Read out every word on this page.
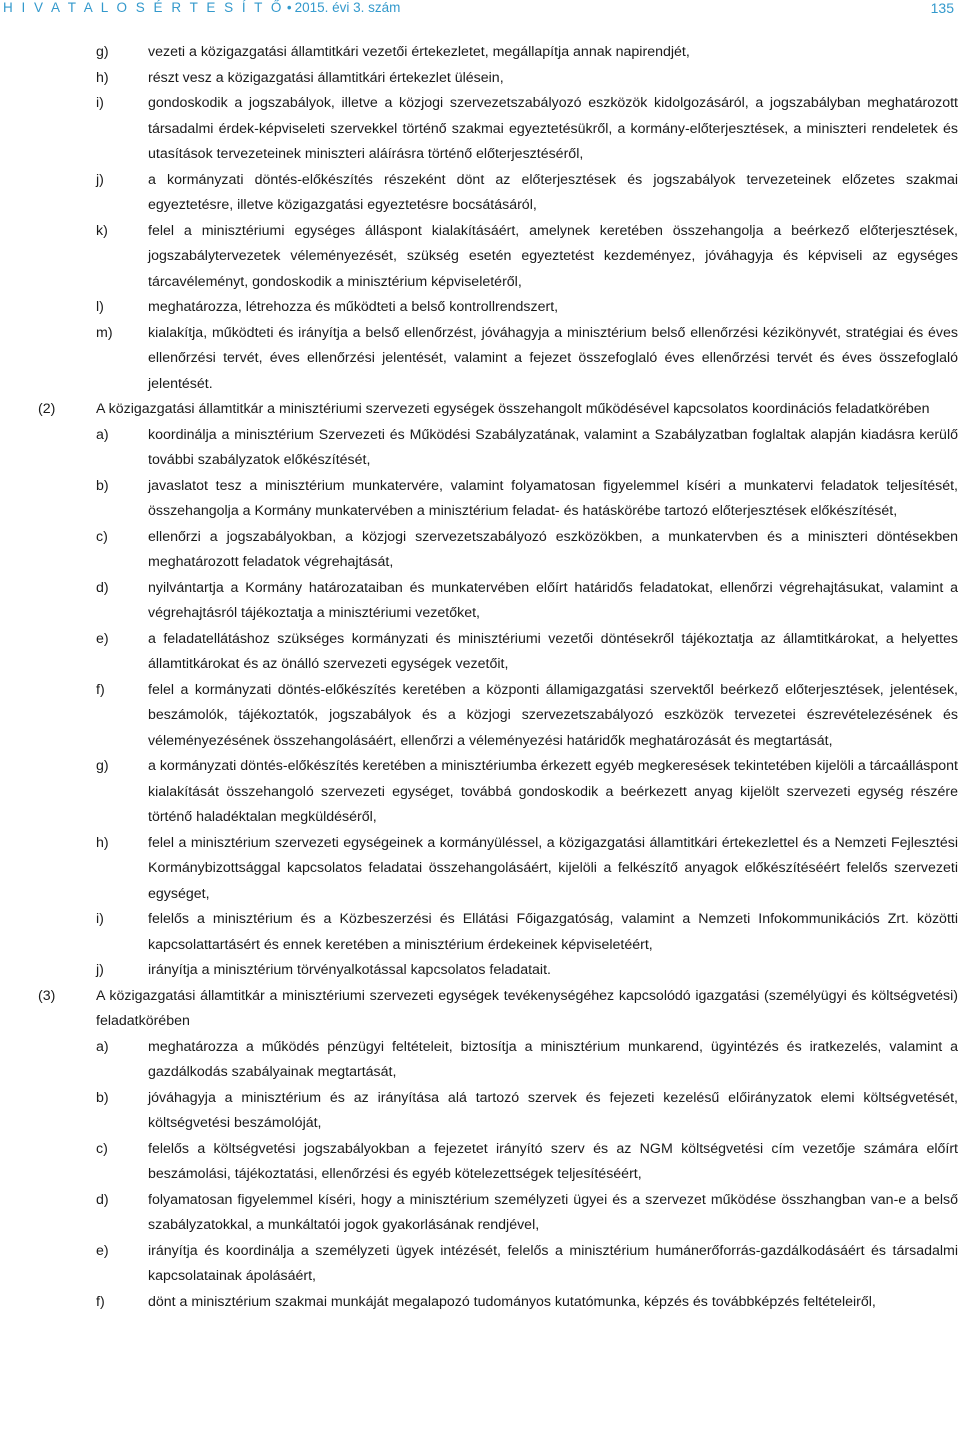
H I V A T A L O S É R T E S Í T Ő • 2015. évi 3. szám	135
g)	vezeti a közigazgatási államtitkári vezetői értekezletet, megállapítja annak napirendjét,
h)	részt vesz a közigazgatási államtitkári értekezlet ülésein,
i)	gondoskodik a jogszabályok, illetve a közjogi szervezetszabályozó eszközök kidolgozásáról, a jogszabályban meghatározott társadalmi érdek-képviseleti szervekkel történő szakmai egyeztetésükről, a kormány-előterjesztések, a miniszteri rendeletek és utasítások tervezeteinek miniszteri aláírásra történő előterjesztéséről,
j)	a kormányzati döntés-előkészítés részeként dönt az előterjesztések és jogszabályok tervezeteinek előzetes szakmai egyeztetésre, illetve közigazgatási egyeztetésre bocsátásáról,
k)	felel a minisztériumi egységes álláspont kialakításáért, amelynek keretében összehangolja a beérkező előterjesztések, jogszabálytervezetek véleményezését, szükség esetén egyeztetést kezdeményez, jóváhagyja és képviseli az egységes tárcavéleményt, gondoskodik a minisztérium képviseletéről,
l)	meghatározza, létrehozza és működteti a belső kontrollrendszert,
m) kialakítja, működteti és irányítja a belső ellenőrzést, jóváhagyja a minisztérium belső ellenőrzési kézikönyvét, stratégiai és éves ellenőrzési tervét, éves ellenőrzési jelentését, valamint a fejezet összefoglaló éves ellenőrzési tervét és éves összefoglaló jelentését.
(2)	A közigazgatási államtitkár a minisztériumi szervezeti egységek összehangolt működésével kapcsolatos koordinációs feladatkörében
a)	koordinálja a minisztérium Szervezeti és Működési Szabályzatának, valamint a Szabályzatban foglaltak alapján kiadásra kerülő további szabályzatok előkészítését,
b)	javaslatot tesz a minisztérium munkatervére, valamint folyamatosan figyelemmel kíséri a munkatervi feladatok teljesítését, összehangolja a Kormány munkatervében a minisztérium feladat- és hatáskörébe tartozó előterjesztések előkészítését,
c)	ellenőrzi a jogszabályokban, a közjogi szervezetszabályozó eszközökben, a munkatervben és a miniszteri döntésekben meghatározott feladatok végrehajtását,
d)	nyilvántartja a Kormány határozataiban és munkatervében előírt határidős feladatokat, ellenőrzi végrehajtásukat, valamint a végrehajtásról tájékoztatja a minisztériumi vezetőket,
e)	a feladatellátáshoz szükséges kormányzati és minisztériumi vezetői döntésekről tájékoztatja az államtitkárokat, a helyettes államtitkárokat és az önálló szervezeti egységek vezetőit,
f)	felel a kormányzati döntés-előkészítés keretében a központi államigazgatási szervektől beérkező előterjesztések, jelentések, beszámolók, tájékoztatók, jogszabályok és a közjogi szervezetszabályozó eszközök tervezetei észrevételezésének és véleményezésének összehangolásáért, ellenőrzi a véleményezési határidők meghatározását és megtartását,
g)	a kormányzati döntés-előkészítés keretében a minisztériumba érkezett egyéb megkeresések tekintetében kijelöli a tárcaálláspont kialakítását összehangoló szervezeti egységet, továbbá gondoskodik a beérkezett anyag kijelölt szervezeti egység részére történő haladéktalan megküldéséről,
h)	felel a minisztérium szervezeti egységeinek a kormányüléssel, a közigazgatási államtitkári értekezlettel és a Nemzeti Fejlesztési Kormánybizottsággal kapcsolatos feladatai összehangolásáért, kijelöli a felkészítő anyagok előkészítéséért felelős szervezeti egységet,
i)	felelős a minisztérium és a Közbeszerzési és Ellátási Főigazgatóság, valamint a Nemzeti Infokommunikációs Zrt. közötti kapcsolattartásért és ennek keretében a minisztérium érdekeinek képviseletéért,
j)	irányítja a minisztérium törvényalkotással kapcsolatos feladatait.
(3)	A közigazgatási államtitkár a minisztériumi szervezeti egységek tevékenységéhez kapcsolódó igazgatási (személyügyi és költségvetési) feladatkörében
a)	meghatározza a működés pénzügyi feltételeit, biztosítja a minisztérium munkarend, ügyintézés és iratkezelés, valamint a gazdálkodás szabályainak megtartását,
b)	jóváhagyja a minisztérium és az irányítása alá tartozó szervek és fejezeti kezelésű előirányzatok elemi költségvetését, költségvetési beszámolóját,
c)	felelős a költségvetési jogszabályokban a fejezetet irányító szerv és az NGM költségvetési cím vezetője számára előírt beszámolási, tájékoztatási, ellenőrzési és egyéb kötelezettségek teljesítéséért,
d)	folyamatosan figyelemmel kíséri, hogy a minisztérium személyzeti ügyei és a szervezet működése összhangban van-e a belső szabályzatokkal, a munkáltatói jogok gyakorlásának rendjével,
e)	irányítja és koordinálja a személyzeti ügyek intézését, felelős a minisztérium humánerőforrás-gazdálkodásáért és társadalmi kapcsolatainak ápolásáért,
f)	dönt a minisztérium szakmai munkáját megalapozó tudományos kutatómunka, képzés és továbbképzés feltételeiről,
